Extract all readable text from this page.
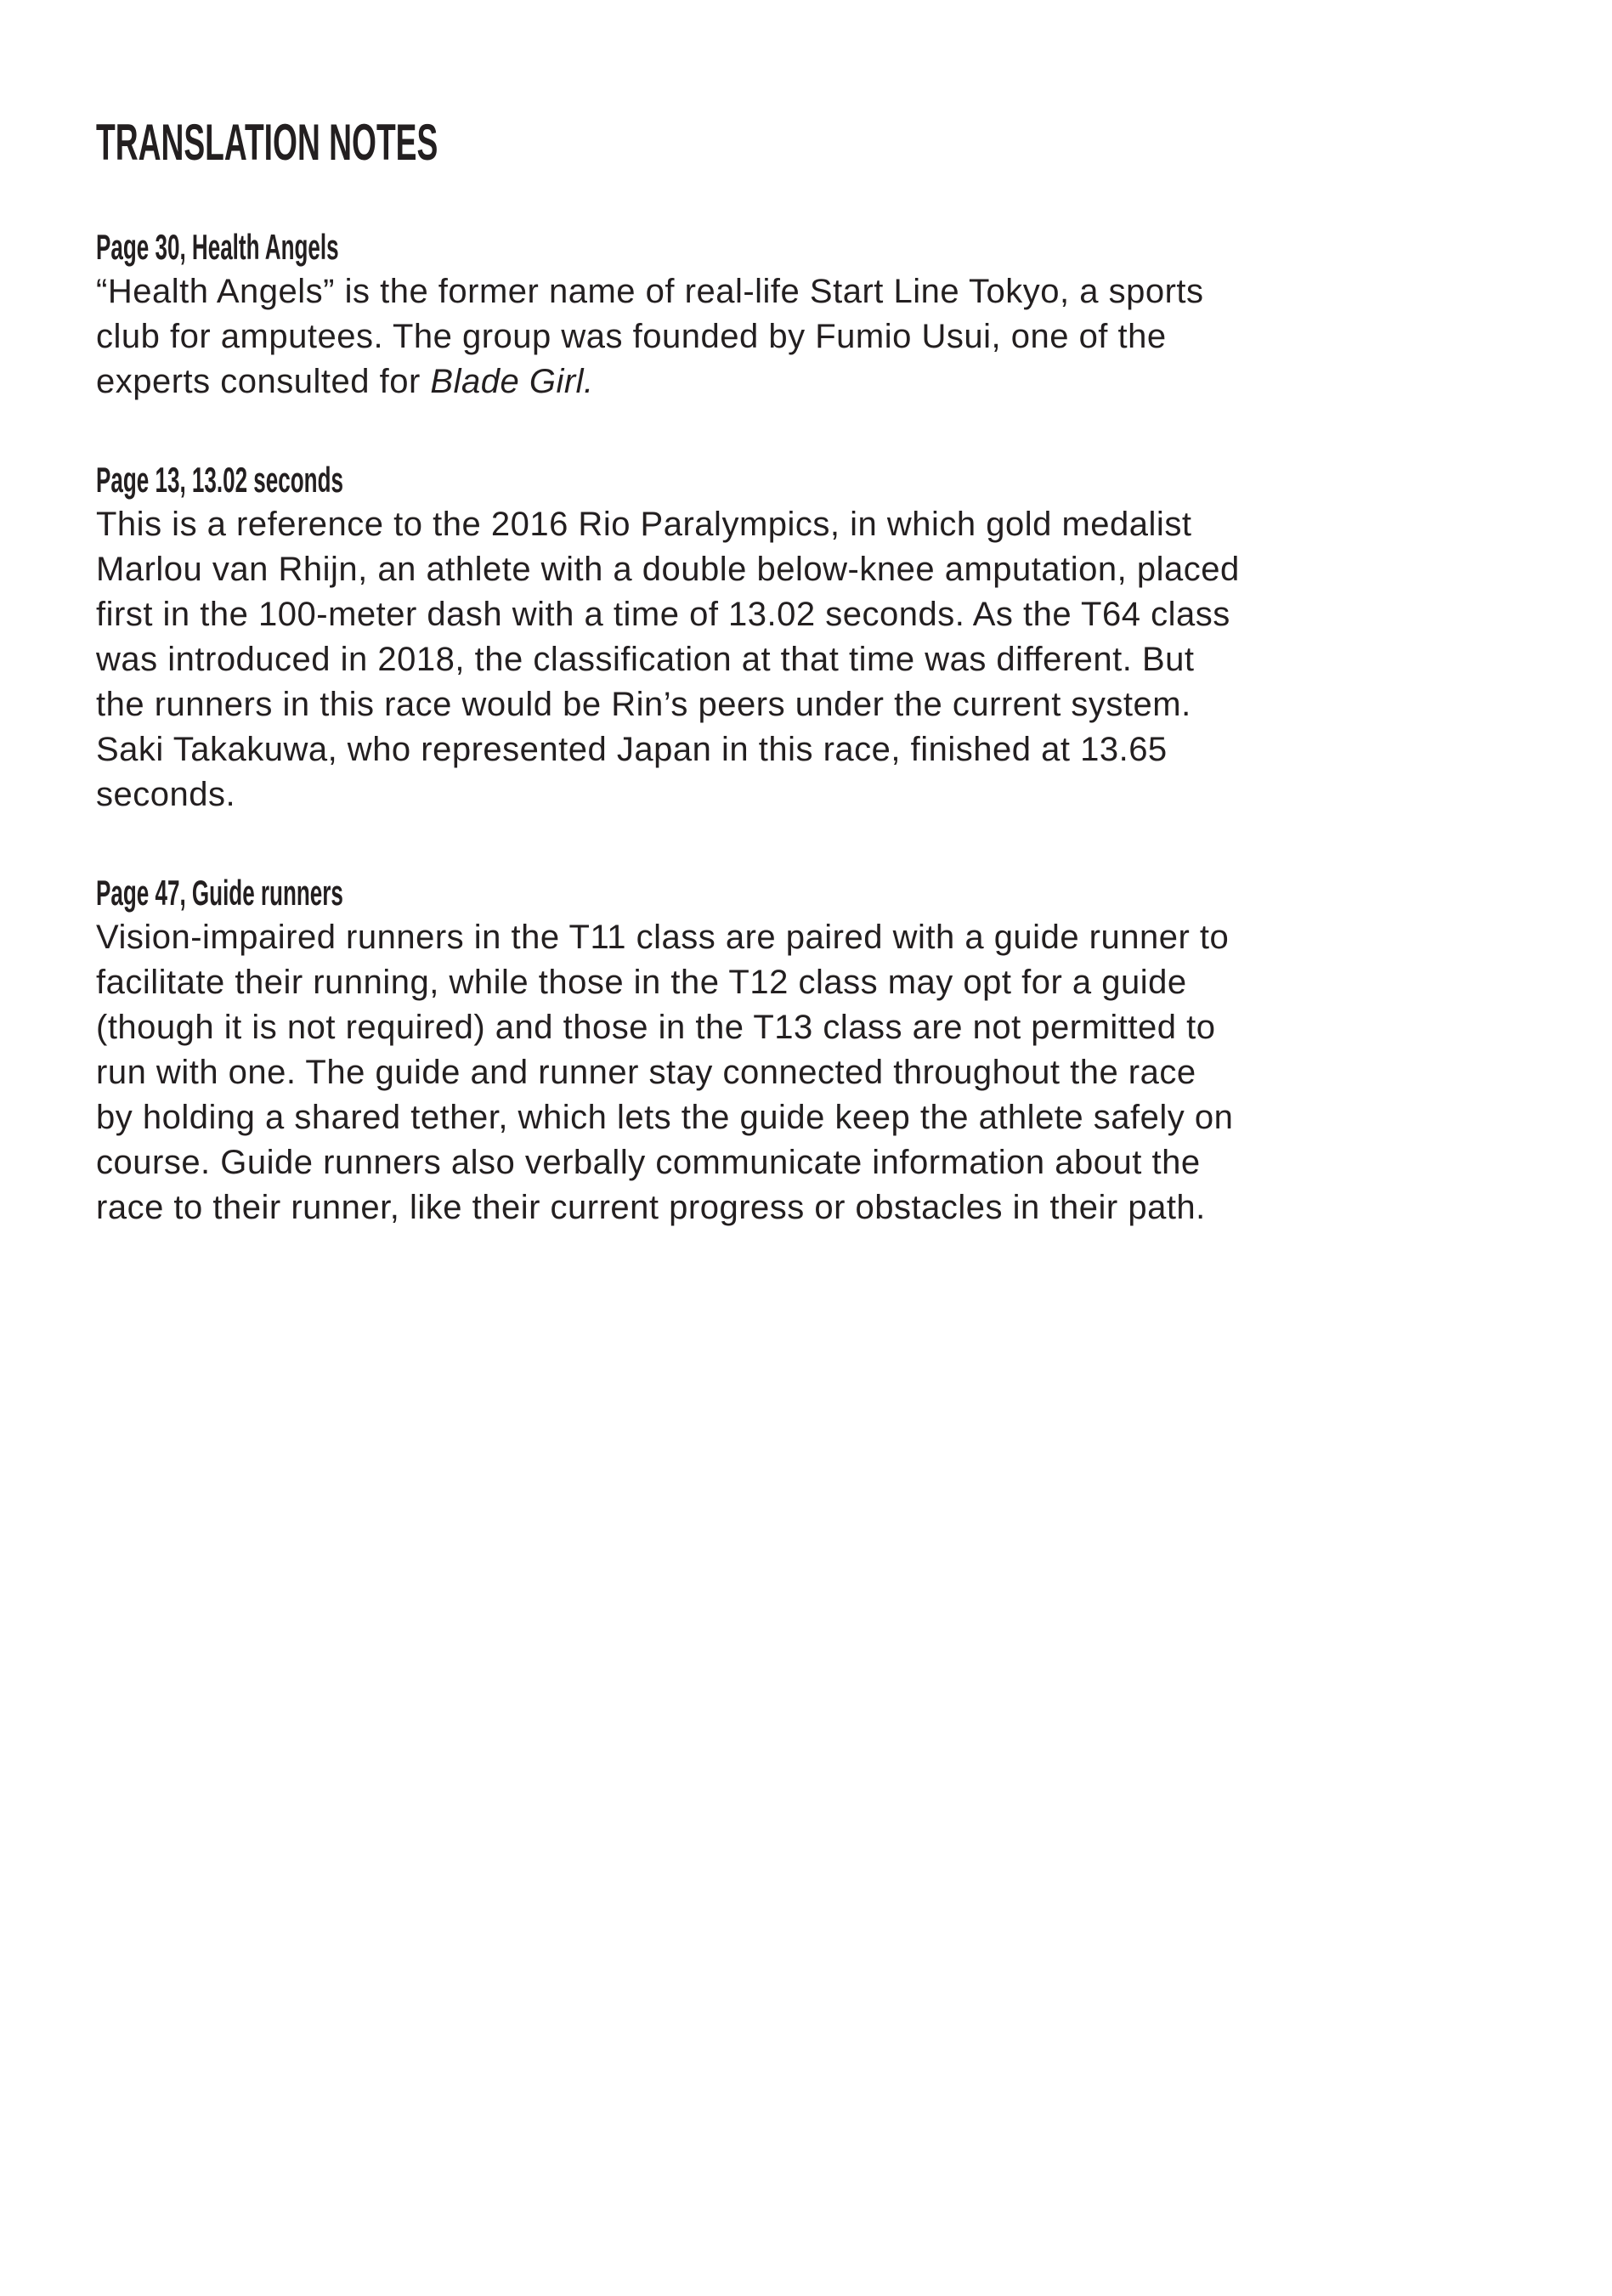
TRANSLATION NOTES
Page 30, Health Angels
“Health Angels” is the former name of real-life Start Line Tokyo, a sports
club for amputees. The group was founded by Fumio Usui, one of the
experts consulted for Blade Girl.
Page 13, 13.02 seconds
This is a reference to the 2016 Rio Paralympics, in which gold medalist
Marlou van Rhijn, an athlete with a double below-knee amputation, placed
first in the 100-meter dash with a time of 13.02 seconds. As the T64 class
was introduced in 2018, the classification at that time was different. But
the runners in this race would be Rin’s peers under the current system.
Saki Takakuwa, who represented Japan in this race, finished at 13.65
seconds.
Page 47, Guide runners
Vision-impaired runners in the T11 class are paired with a guide runner to
facilitate their running, while those in the T12 class may opt for a guide
(though it is not required) and those in the T13 class are not permitted to
run with one. The guide and runner stay connected throughout the race
by holding a shared tether, which lets the guide keep the athlete safely on
course. Guide runners also verbally communicate information about the
race to their runner, like their current progress or obstacles in their path.
